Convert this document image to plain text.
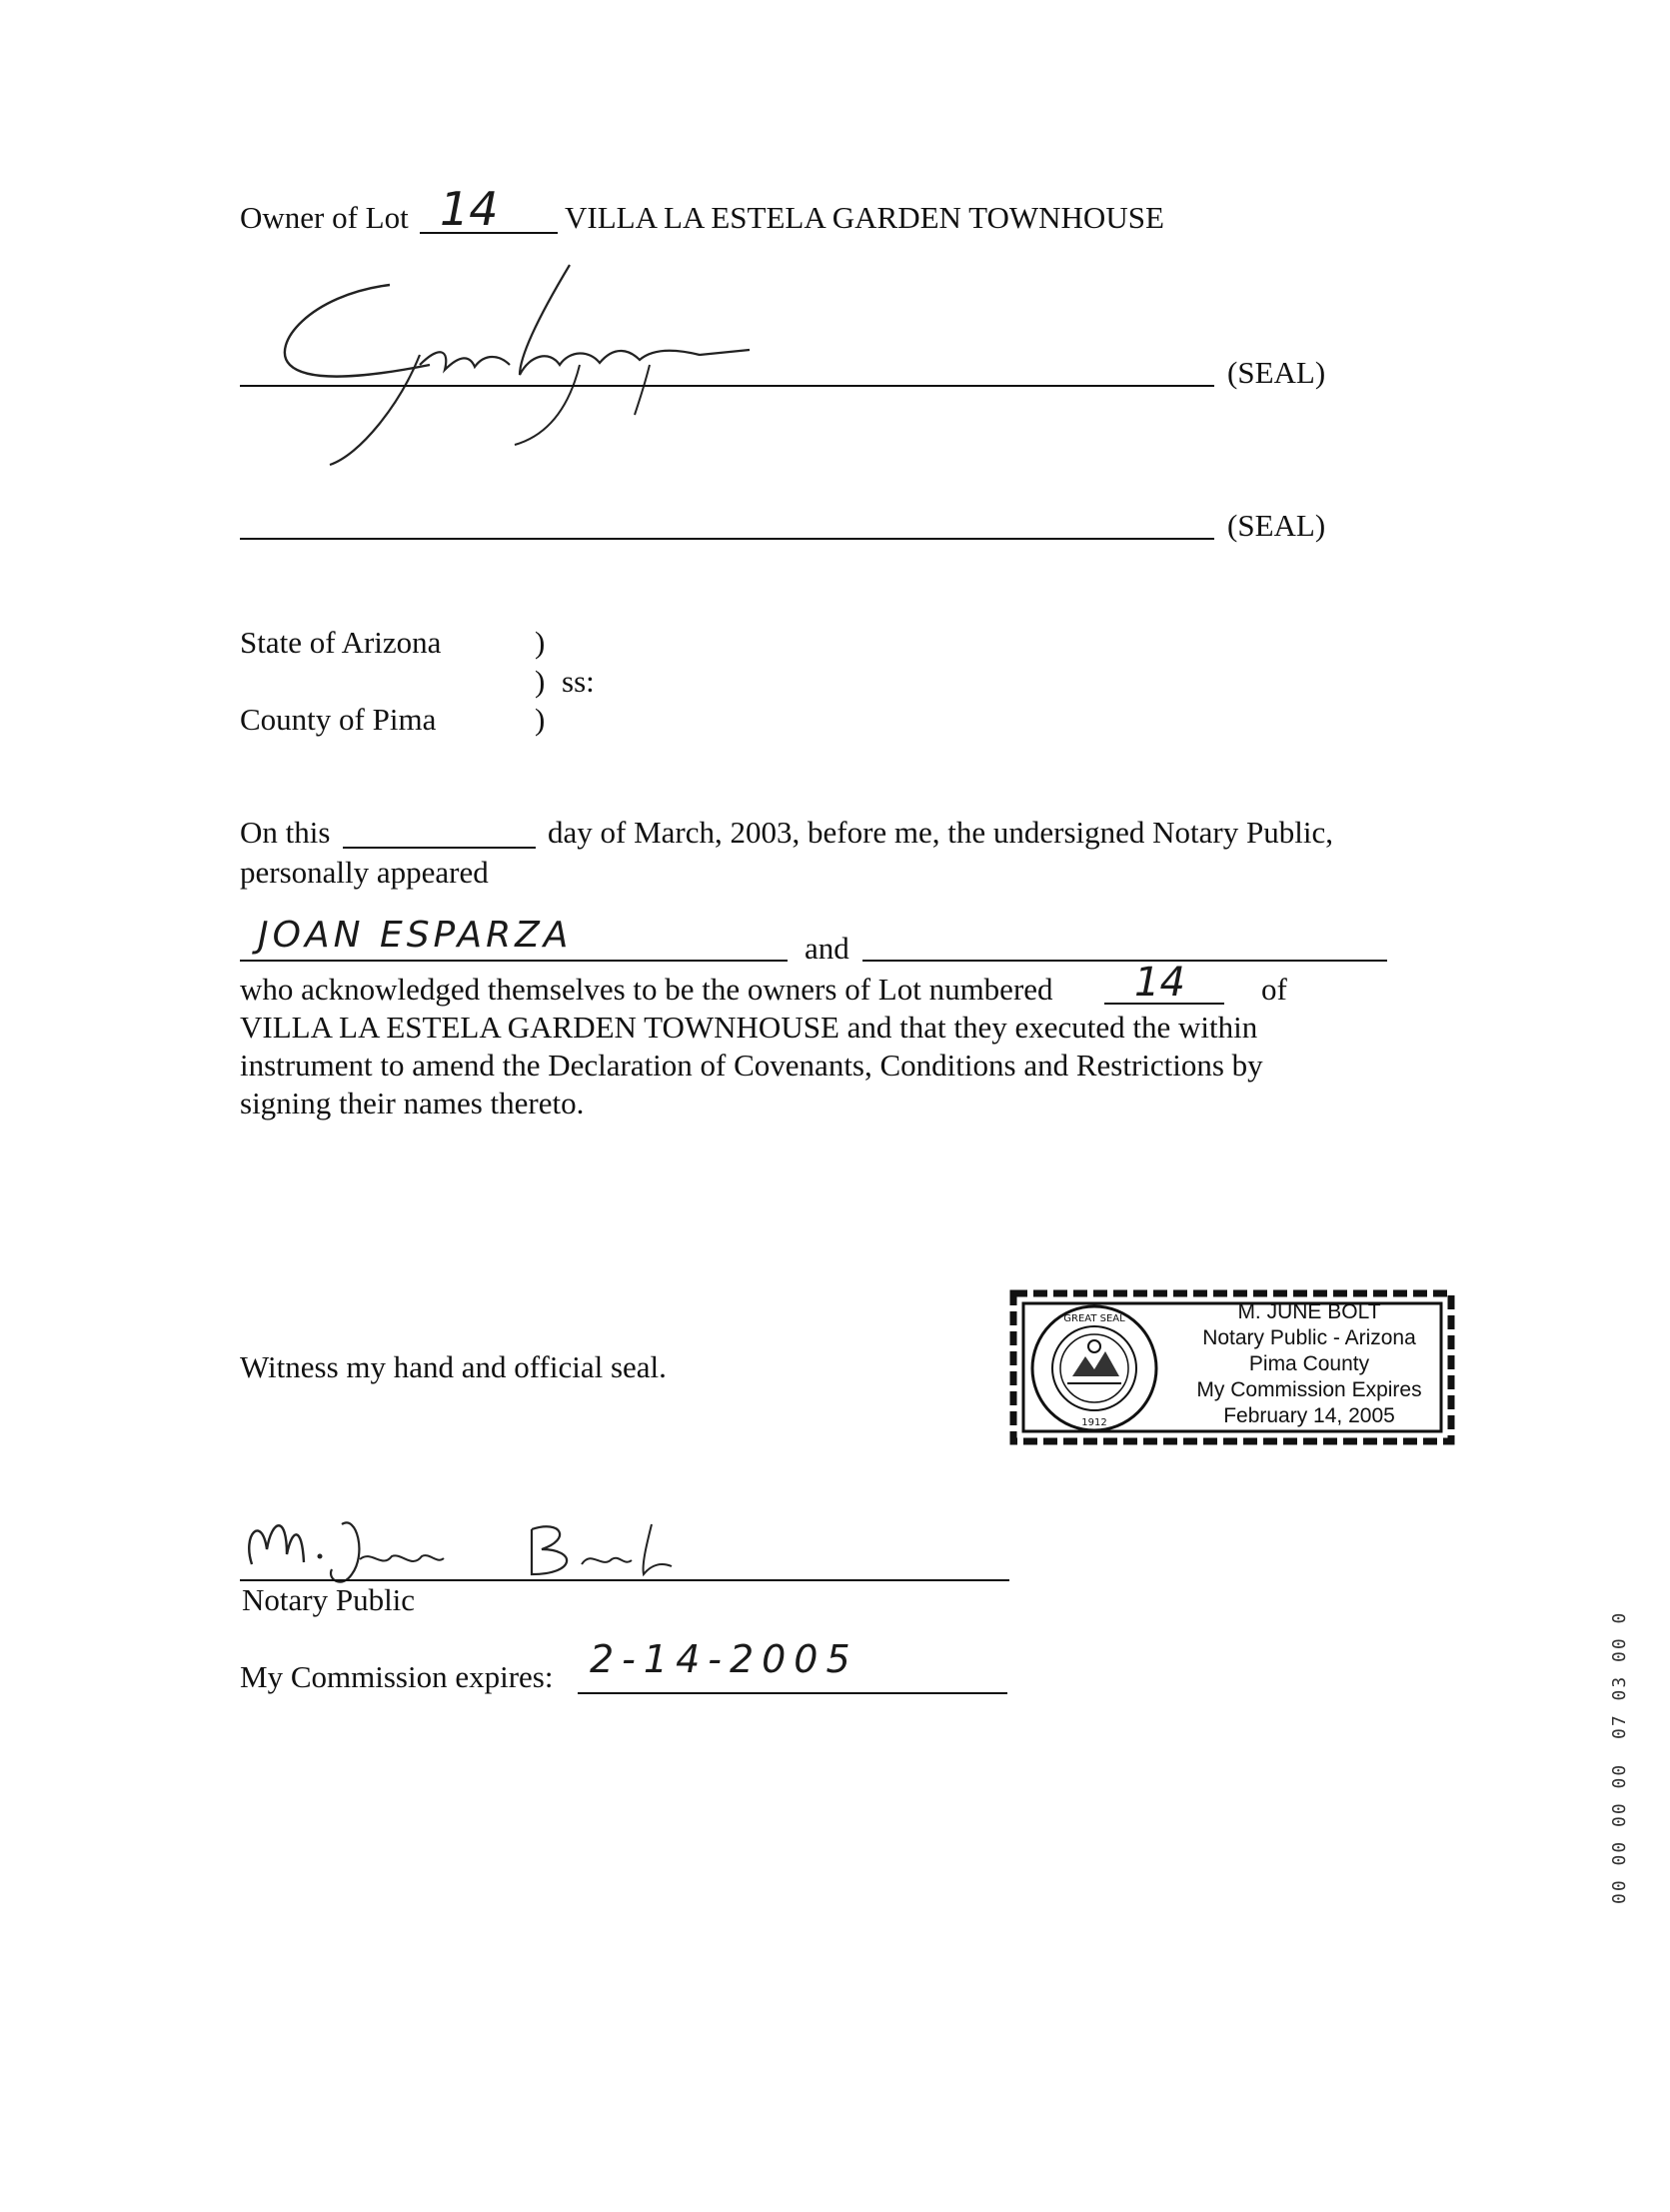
Owner of Lot 14 VILLA LA ESTELA GARDEN TOWNHOUSE
(SEAL)
(SEAL)
State of Arizona	)
) ss:
County of Pima	)
On this	day of March, 2003, before me, the undersigned Notary Public,
personally appeared
JOAN ESPARZA	and
who acknowledged themselves to be the owners of Lot numbered 14 of
VILLA LA ESTELA GARDEN TOWNHOUSE and that they executed the within
instrument to amend the Declaration of Covenants, Conditions and Restrictions by
signing their names thereto.
Witness my hand and official seal.
GREAT SEAL
1912
M. JUNE BOLT
Notary Public - Arizona
Pima County
My Commission Expires
February 14, 2005
Notary Public
My Commission expires: 2-14-2005	07 03 00 0
00 00 00 00
